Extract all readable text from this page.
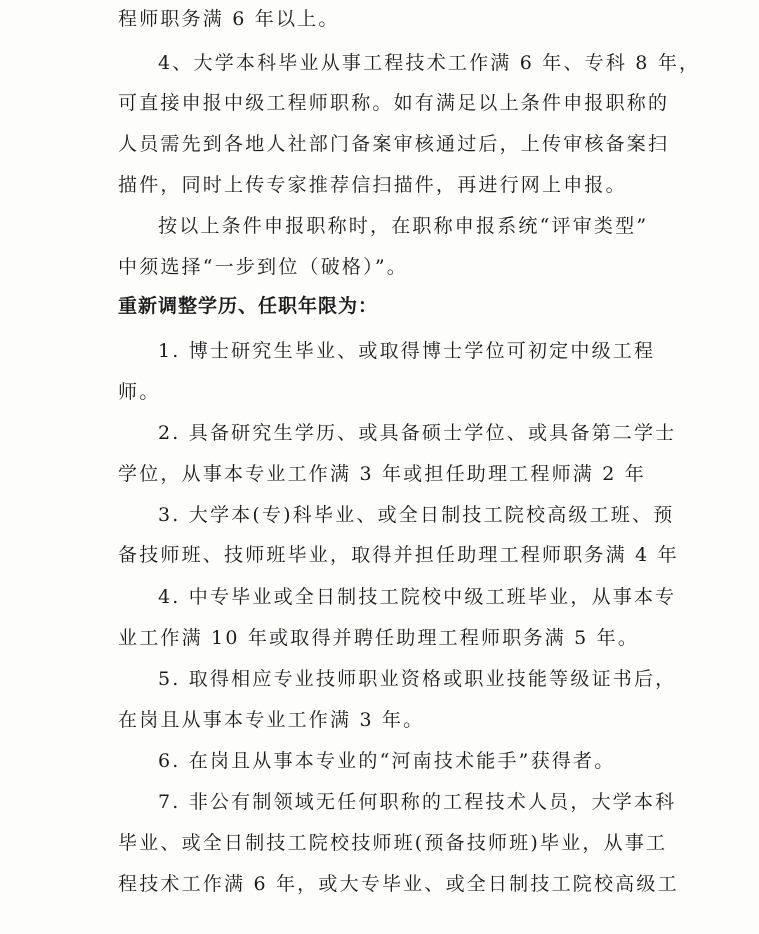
程师职务满 6 年以上。

4、大学本科毕业从事工程技术工作满 6 年、专科 8 年，

可直接申报中级工程师职称。如有满足以上条件申报职称的

人员需先到各地人社部门备案审核通过后，上传审核备案扫

描件，同时上传专家推荐信扫描件，再进行网上申报。

按以上条件申报职称时，在职称申报系统“评审类型”

中须选择“一步到位（破格）”。

重新调整学历、任职年限为：

1. 博士研究生毕业、或取得博士学位可初定中级工程

师。

2. 具备研究生学历、或具备硕士学位、或具备第二学士

学位，从事本专业工作满 3 年或担任助理工程师满 2 年

3. 大学本(专)科毕业、或全日制技工院校高级工班、预

备技师班、技师班毕业，取得并担任助理工程师职务满 4 年

4. 中专毕业或全日制技工院校中级工班毕业，从事本专

业工作满 10 年或取得并聘任助理工程师职务满 5 年。

5. 取得相应专业技师职业资格或职业技能等级证书后，

在岗且从事本专业工作满 3 年。

6. 在岗且从事本专业的“河南技术能手”获得者。

7. 非公有制领域无任何职称的工程技术人员，大学本科

毕业、或全日制技工院校技师班(预备技师班)毕业，从事工

程技术工作满 6 年，或大专毕业、或全日制技工院校高级工
